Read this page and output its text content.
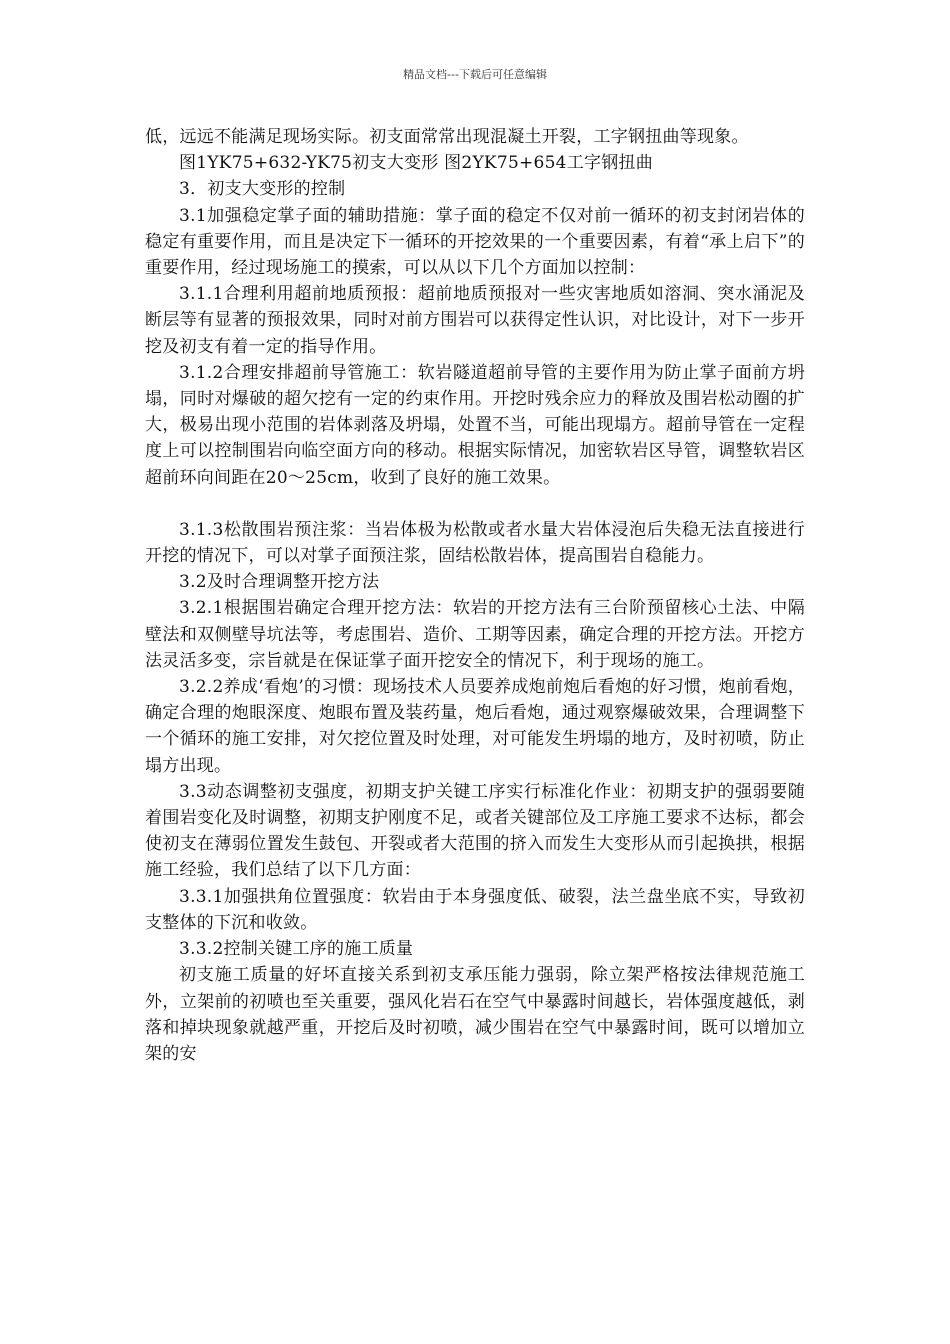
精品文档---下载后可任意编辑

低，远远不能满足现场实际。初支面常常出现混凝土开裂，工字钢扭曲等现象。

图1YK75+632-YK75初支大变形 图2YK75+654工字钢扭曲

3．初支大变形的控制

3.1加强稳定掌子面的辅助措施：掌子面的稳定不仅对前一循环的初支封闭岩体的稳定有重要作用，而且是决定下一循环的开挖效果的一个重要因素，有着“承上启下”的重要作用，经过现场施工的摸索，可以从以下几个方面加以控制：

3.1.1合理利用超前地质预报：超前地质预报对一些灾害地质如溶洞、突水涌泥及断层等有显著的预报效果，同时对前方围岩可以获得定性认识，对比设计，对下一步开挖及初支有着一定的指导作用。

3.1.2合理安排超前导管施工：软岩隧道超前导管的主要作用为防止掌子面前方坍塌，同时对爆破的超欠挖有一定的约束作用。开挖时残余应力的释放及围岩松动圈的扩大，极易出现小范围的岩体剥落及坍塌，处置不当，可能出现塌方。超前导管在一定程度上可以控制围岩向临空面方向的移动。根据实际情况，加密软岩区导管，调整软岩区超前环向间距在20～25cm，收到了良好的施工效果。

3.1.3松散围岩预注浆：当岩体极为松散或者水量大岩体浸泡后失稳无法直接进行开挖的情况下，可以对掌子面预注浆，固结松散岩体，提高围岩自稳能力。

3.2及时合理调整开挖方法

3.2.1根据围岩确定合理开挖方法：软岩的开挖方法有三台阶预留核心土法、中隔壁法和双侧壁导坑法等，考虑围岩、造价、工期等因素，确定合理的开挖方法。开挖方法灵活多变，宗旨就是在保证掌子面开挖安全的情况下，利于现场的施工。

3.2.2养成‘看炮’的习惯：现场技术人员要养成炮前炮后看炮的好习惯，炮前看炮，确定合理的炮眼深度、炮眼布置及装药量，炮后看炮，通过观察爆破效果，合理调整下一个循环的施工安排，对欠挖位置及时处理，对可能发生坍塌的地方，及时初喷，防止塌方出现。

3.3动态调整初支强度，初期支护关键工序实行标准化作业：初期支护的强弱要随着围岩变化及时调整，初期支护刚度不足，或者关键部位及工序施工要求不达标，都会使初支在薄弱位置发生鼓包、开裂或者大范围的挤入而发生大变形从而引起换拱，根据施工经验，我们总结了以下几方面：

3.3.1加强拱角位置强度：软岩由于本身强度低、破裂，法兰盘坐底不实，导致初支整体的下沉和收敛。

3.3.2控制关键工序的施工质量

初支施工质量的好坏直接关系到初支承压能力强弱，除立架严格按法律规范施工外，立架前的初喷也至关重要，强风化岩石在空气中暴露时间越长，岩体强度越低，剥落和掉块现象就越严重，开挖后及时初喷，减少围岩在空气中暴露时间，既可以增加立架的安
